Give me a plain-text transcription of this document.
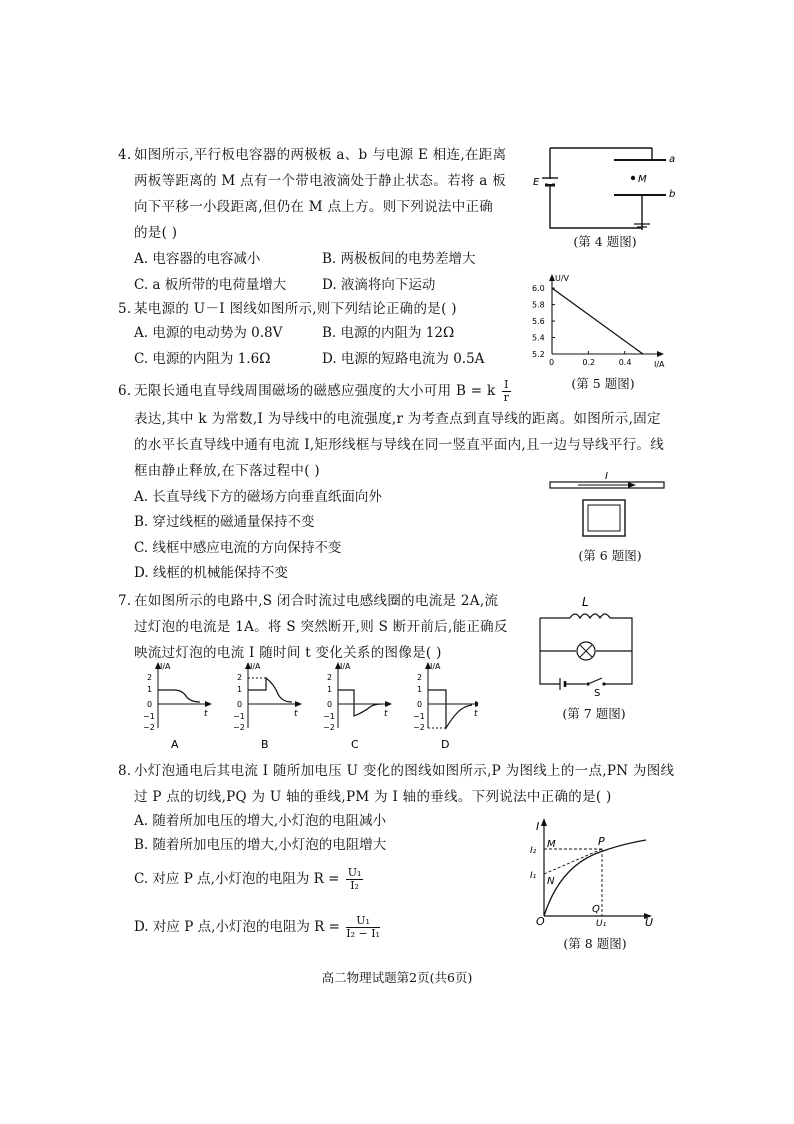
4. 如图所示,平行板电容器的两极板 a、b 与电源 E 相连,在距离
两板等距离的 M 点有一个带电液滴处于静止状态。若将 a 板
向下平移一小段距离,但仍在 M 点上方。则下列说法中正确
的是( )
A. 电容器的电容减小	B. 两极板间的电势差增大
C. a 板所带的电荷量增大	D. 液滴将向下运动
M
a
b
E
(第 4 题图)
5. 某电源的 U－I 图线如图所示,则下列结论正确的是( )
A. 电源的电动势为 0.8V	B. 电源的内阻为 12Ω
C. 电源的内阻为 1.6Ω	D. 电源的短路电流为 0.5A
U/V
I/A
6.0
5.8
5.6
5.4
5.2
0	0.2	0.4
(第 5 题图)
6. 无限长通电直导线周围磁场的磁感应强度的大小可用 B = k $\frac{I}{r}$
表达,其中 k 为常数,I 为导线中的电流强度,r 为考查点到直导线的距离。如图所示,固定
的水平长直导线中通有电流 I,矩形线框与导线在同一竖直平面内,且一边与导线平行。线
框由静止释放,在下落过程中( )
A. 长直导线下方的磁场方向垂直纸面向外
B. 穿过线框的磁通量保持不变
C. 线框中感应电流的方向保持不变
D. 线框的机械能保持不变
I
(第 6 题图)
7. 在如图所示的电路中,S 闭合时流过电感线圈的电流是 2A,流
过灯泡的电流是 1A。将 S 突然断开,则 S 断开前后,能正确反
映流过灯泡的电流 I 随时间 t 变化关系的图像是( )
I/A
t
2
1
0
−1
−2
I/A
t
2
1
0
−1
−2
I/A
t
2
1
0
−1
−2
I/A
t
2
1
0
−1
−2
A	B	C	D
L
S
(第 7 题图)
8. 小灯泡通电后其电流 I 随所加电压 U 变化的图线如图所示,P 为图线上的一点,PN 为图线
过 P 点的切线,PQ 为 U 轴的垂线,PM 为 I 轴的垂线。下列说法中正确的是( )
A. 随着所加电压的增大,小灯泡的电阻减小
B. 随着所加电压的增大,小灯泡的电阻增大
C. 对应 P 点,小灯泡的电阻为 $R = \frac{\text{U₁}}{\text{I₂}}$
D. 对应 P 点,小灯泡的电阻为 $R = \frac{\text{U₁}}{\text{I₂ − I₁}}$
I
U
O
I₂
I₁
M
N
P
Q
U₁
(第 8 题图)
高二物理试题第2页(共6页)
